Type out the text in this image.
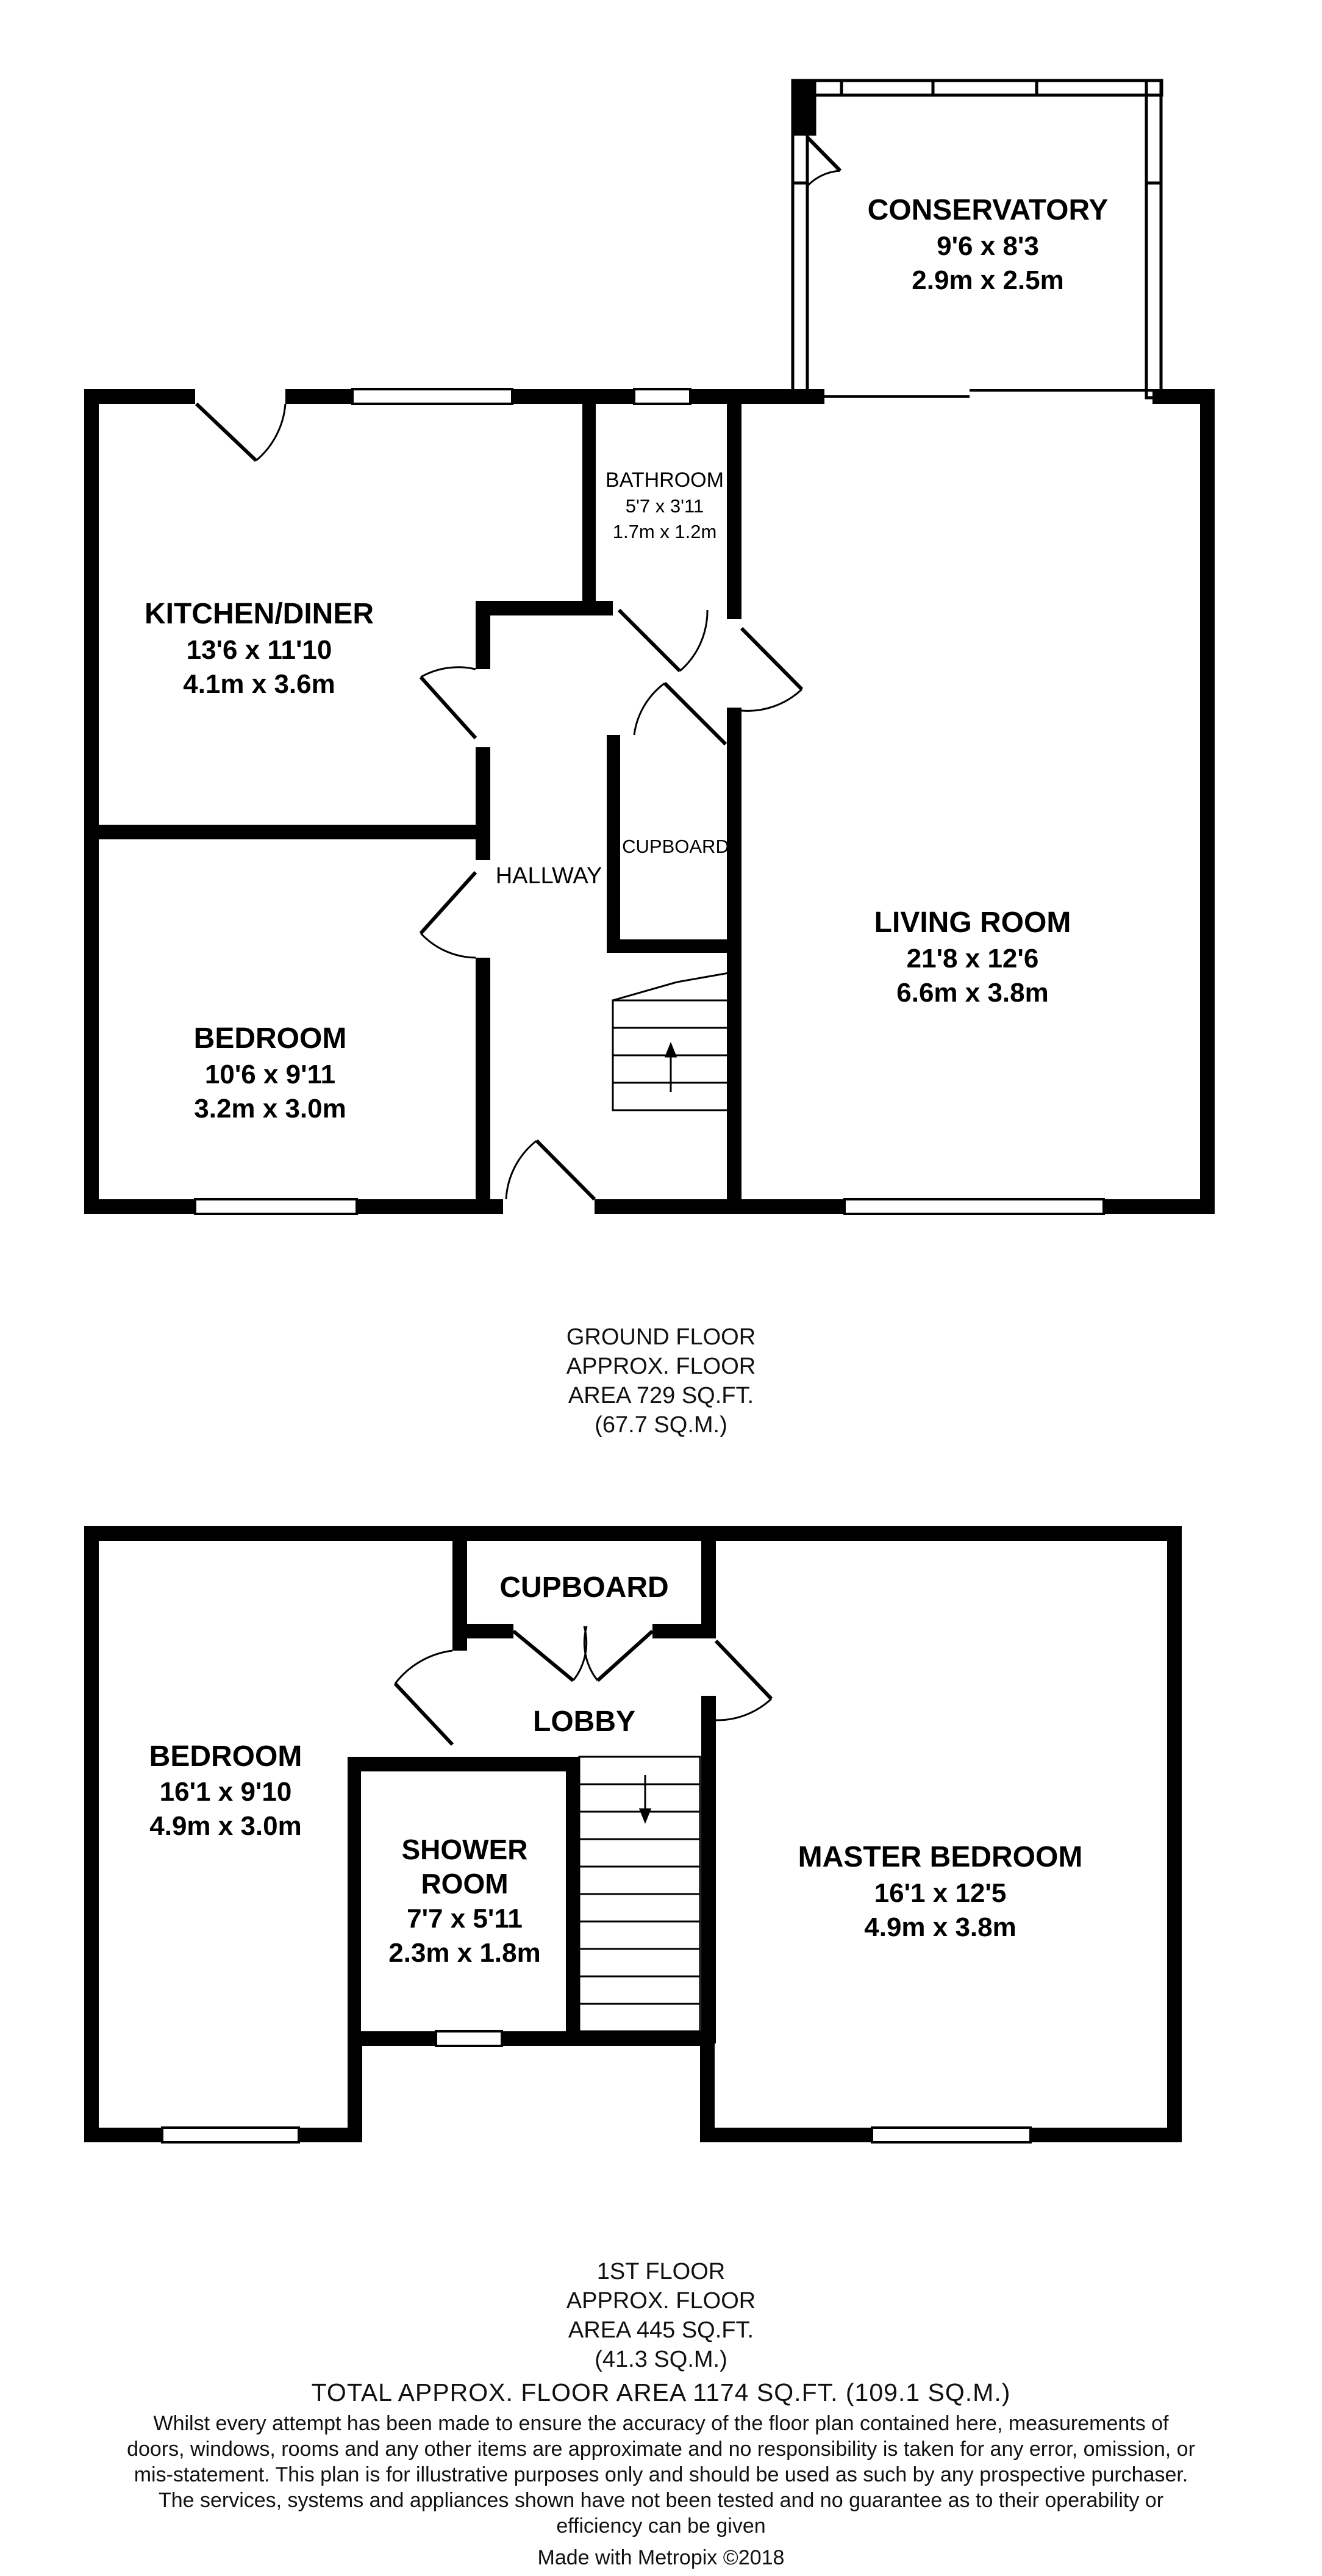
CONSERVATORY
9'6 x 8'3
2.9m x 2.5m
BATHROOM
5'7 x 3'11
1.7m x 1.2m
KITCHEN/DINER
13'6 x 11'10
4.1m x 3.6m
CUPBOARD
HALLWAY
LIVING ROOM
21'8 x 12'6
6.6m x 3.8m
BEDROOM
10'6 x 9'11
3.2m x 3.0m
CUPBOARD
LOBBY
BEDROOM
16'1 x 9'10
4.9m x 3.0m
SHOWER
ROOM
7'7 x 5'11
2.3m x 1.8m
MASTER BEDROOM
16'1 x 12'5
4.9m x 3.8m
GROUND FLOOR
APPROX. FLOOR
AREA 729 SQ.FT.
(67.7 SQ.M.)
1ST FLOOR
APPROX. FLOOR
AREA 445 SQ.FT.
(41.3 SQ.M.)
TOTAL APPROX. FLOOR AREA 1174 SQ.FT. (109.1 SQ.M.)
Whilst every attempt has been made to ensure the accuracy of the floor plan contained here, measurements of doors, windows, rooms and any other items are approximate and no responsibility is taken for any error, omission, or mis-statement. This plan is for illustrative purposes only and should be used as such by any prospective purchaser. The services, systems and appliances shown have not been tested and no guarantee as to their operability or efficiency can be given
Made with Metropix ©2018
